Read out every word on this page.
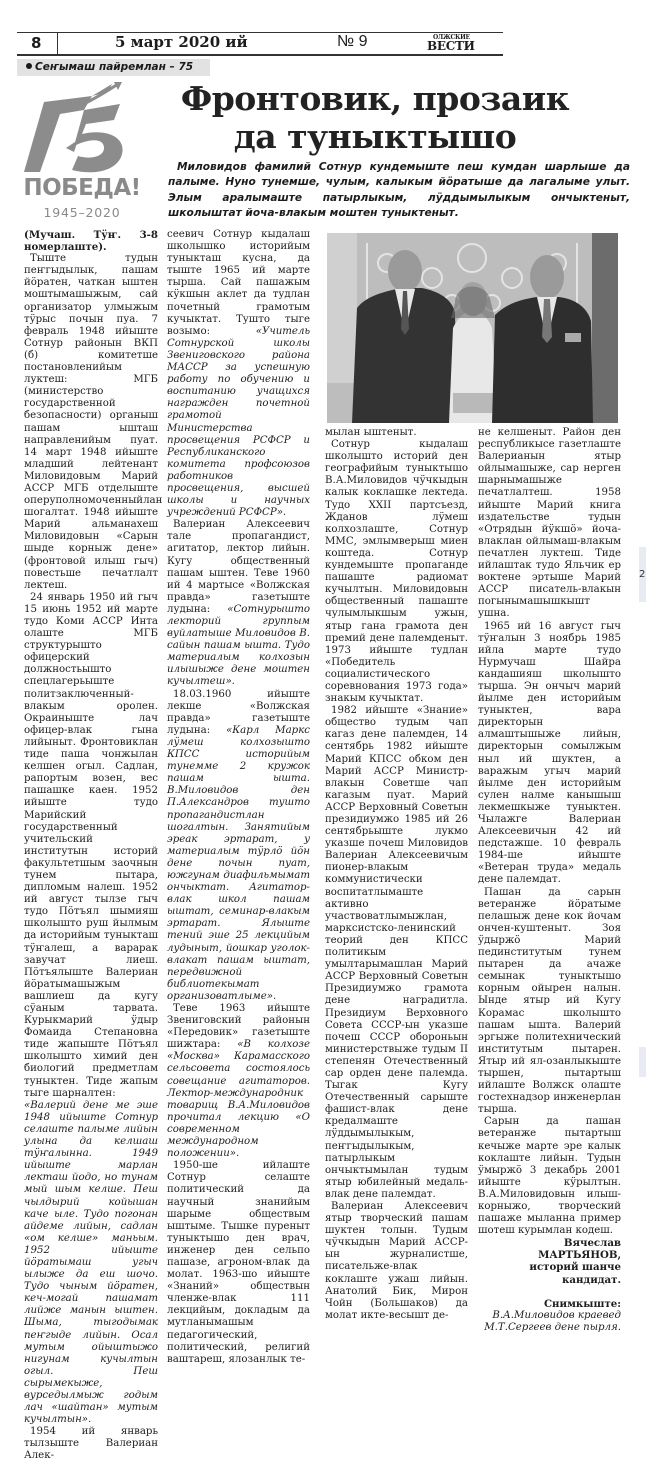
8	5 март 2020 ий	№ 9	ОЛЖСКИЕ
ВЕСТИ
Сеҥымаш пайремлан – 75
ПОБЕДА!
1945–2020
Фронтовик, прозаик
да туныктышо
Миловидов фамилий Сотнур кундемыште пеш кумдан шарлыше да палыме. Нуно тунемше, чулым, калыкым йӧратыше да лагалыме улыт. Элым аралымаште патырлыкым, лӱддымылыкым ончыктеныт, школыштат йоча-влакым моштен туныктеныт.

(Мучаш. Тӱҥ. 3-8 номерлаште).

Тыште тудын пеҥгыдылык, пашам йӧратен, чаткан ыштен моштымашыжым, сай организатор улмыжым тӱрыс почын пуа. 7 февраль 1948 ийыште Сотнур районын ВКП (б) комитетше постановленийым луктеш: МГБ (министерство государственной безопасности) органыш пашам ышташ направленийым пуат. 14 март 1948 ийыште младший лейтенант Миловидовым Марий АССР МГБ отделыште оперуполномоченныйлан шогалтат. 1948 ийыште Марий альманахеш Миловидовын «Сарын шыде корныж дене» (фронтовой илыш гыч) повестьше печатлалт лектеш.

24 январь 1950 ий гыч 15 июнь 1952 ий марте тудо Коми АССР Инта олаште МГБ структурышто офицерский должностьышто спецлагерьыште политзаключенный-влакым оролен. Окраиныште лач офицер-влак гына лийыныт. Фронтовиклан тиде паша чонжылан келшен огыл. Садлан, рапортым возен, вес пашашке каен. 1952 ийыште тудо Марийский государственный учительский институтын историй факультетшым заочнын тунем пытара, дипломым налеш. 1952 ий август тылзе гыч тудо Пӧтъял шымияш школышто руш йылмым да историйым туныкташ тӱҥалеш, а варарак завучат лиеш. Пӧтъялыште Валериан йӧратымашыжым вашлиеш да кугу сӱаным тарвата. Курыкмарий ӱдыр Фомаида Степановна тиде жапыште Пӧтъял школышто химий ден биологий предметлам туныктен. Тиде жапым тыге шарналтен:

«Валерий дене ме эше 1948 ийыште Сотнур селаште палыме лийын улына да келшаш тӱҥалынна. 1949 ийыште марлан лекташ йодо, но тунам мый шым келше. Пеш чылдырий койышан каче ыле. Тудо погонан айдеме лийын, садлан «ом келше» маньым. 1952 ийыште йӧратымаш угыч ылыже да еш шочо. Тудо чыным йӧратен, кеч-могай пашамат лийже манын ыштен. Шыма, тыгодымак пеҥгыде лийын. Осал мутым ойыштыжо нигунам кучылтын огыл. Пеш сырымекыже, вурседылмыж годым лач «шайтан» мутым кучылтын».

1954 ий январь тылзыште Валериан Алек-

сеевич Сотнур кыдалаш школышко историйым туныкташ кусна, да тыште 1965 ий марте тырша. Сай пашажым кӱкшын аклет да тудлан почетный грамотым кучыктат. Тушто тыге возымо:	«Учитель Сотнурской школы Звениговского района МАССР за успешную работу по обучению и воспитанию учащихся награжден почетной грамотой Министерства просвещения РСФСР и Республиканского комитета профсоюзов работников просвещения, высшей школы и научных учреждений РСФСР».

Валериан Алексеевич тале пропагандист, агитатор, лектор лийын. Кугу общественный пашам ыштен. Теве 1960 ий 4 мартысе «Волжская правда» газетыште лудына: «Сотнурышто лекторий группым вуйлатыше Миловидов В. сайын пашам ышта. Тудо материалым колхозын илышыже дене моштен кучылтеш».

18.03.1960 ийыште лекше «Волжская правда» газетыште лудына: «Карл Маркс лӱмеш колхозышто КПСС историйым тунемме 2 кружок пашам ышта. В.Миловидов ден П.Александров тушто пропагандистлан шогалтын. Занятийым эреак эртарат, у материалым тӱрлӧ йӧн дене почын пуат, южгунам диафильмымат ончыктат. Агитатор-влак школ пашам ыштат, семинар-влакым эртарат. Ялыште тений эше 25 лекцийым лудыныт, йошкар уголок-влакат пашам ыштат, передвижной библиотекымат организоватлыме».

Теве 1963 ийыште Звениговский районын «Передовик» газетыште шижтара: «В колхозе «Москва» Карамасского сельсовета состоялось совещание агитаторов. Лектор-международник товарищ В.А.Миловидов прочитал лекцию «О современном международном положении».

1950-ше ийлаште Сотнур селаште политический да научный знанийым шарыме обществым ыштыме. Тышке пуреныт туныктышо ден врач, инженер ден сельпо пашазе, агроном-влак да молат. 1963-шо ийыште «Знаний» обществын членже-влак 111 лекцийым, докладым да мутланымашым педагогический, политический, религий ваштареш, ялозанлык те-

мылан ыштеныт.

Сотнур кыдалаш школышто историй ден географийым туныктышо В.А.Миловидов чӱчкыдын калык коклашке лектеда. Тудо XXII партсъезд, Жданов лӱмеш колхозлаште, Сотнур ММС, эмлымверыш миен коштеда. Сотнур кундемыште пропаганде пашаште радиомат кучылтын. Миловидовын общественный пашаште чулымлыкшым ужын, ятыр гана грамота ден премий дене палемденыт. 1973 ийыште тудлан «Победитель социалистического соревнования 1973 года» знакым кучыктат.

1982 ийыште «Знание» общество тудым чап кагаз дене палемден, 14 сентябрь 1982 ийыште Марий КПСС обком ден Марий АССР Министр-влакын Советше чап кагазым пуат. Марий АССР Верховный Советын президиумжо 1985 ий 26 сентябрьыште лукмо указше почеш Миловидов Валериан Алексеевичым пионер-влакым коммунистически воспитатлымаште активно участвоватлымыжлан, марксистско-ленинский теорий ден КПСС политикым умылтарымашлан Марий АССР Верховный Советын Президиумжо грамота дене наградитла. Президиум Верховного Совета СССР-ын указше почеш СССР обороньын министерствыже тудым II степенян Отечественный сар орден дене палемда. Тыгак Кугу Отечественный сарыште фашист-влак дене кредалмаште лӱддымылыкым, пеҥгыдылыкым, патырлыкым ончыктымылан тудым ятыр юбилейный медаль-влак дене палемдат.

Валериан Алексеевич ятыр творческий пашам шуктен толын. Тудым чӱчкыдын Марий АССР-ын журналистше, писательже-влак коклаште ужаш лийын. Анатолий Бик, Мирон Чойн (Большаков) да молат икте-весышт де-

не келшеныт. Район ден республикысе газетлаште Валерианын ятыр ойлымашыже, сар нерген шарнымашыже печатлалтеш. 1958 ийыште Марий книга издательстве тудын «Отрядын йӱкшӧ» йоча-влаклан ойлымаш-влакым печатлен луктеш. Тиде ийлаштак тудо Яльчик ер воктене эртыше Марий АССР писатель-влакын погынымашышкышт ушна.

1965 ий 16 август гыч тӱҥалын 3 ноябрь 1985 ийла марте тудо Нурмучаш Шайра кандашияш школышто тырша. Эн ончыч марий йылме ден историйым туныктен, вара директорын алмаштышыже лийын, директорын сомылжым ныл ий шуктен, а варажым угыч марий йылме ден историйым сулен налме канышыш лекмешкыже туныктен. Чылажге Валериан Алексеевичын 42 ий педстажше. 10 февраль 1984-ше ийыште «Ветеран труда» медаль дене палемдат.

Пашан да сарын ветеранже йӧратыме пелашыж дене кок йочам ончен-куштеныт. Зоя ӱдыржӧ Марий пединститутым тунем пытарен да ачаже семынак туныктышо корным ойырен налын. Ынде ятыр ий Кугу Корамас школышто пашам ышта. Валерий эргыже политехнический институтым пытарен. Ятыр ий ял-озанлыкыште тыршен, пытартыш ийлаште Волжск олаште гостехнадзор инженерлан тырша.

Сарын да пашан ветеранже пытартыш кечыже марте эре калык коклаште лийын. Тудын ӱмыржӧ 3 декабрь 2001 ийыште кӱрылтын. В.А.Миловидовын илыш-корныжо, творческий пашаже мыланна пример шотеш курымлан кодеш.

Вячеслав
МАРТЬЯНОВ,
историй шанче
кандидат.
Снимкыште:
В.А.Миловидов краевед
М.Т.Сергеев дене пырля.
2
